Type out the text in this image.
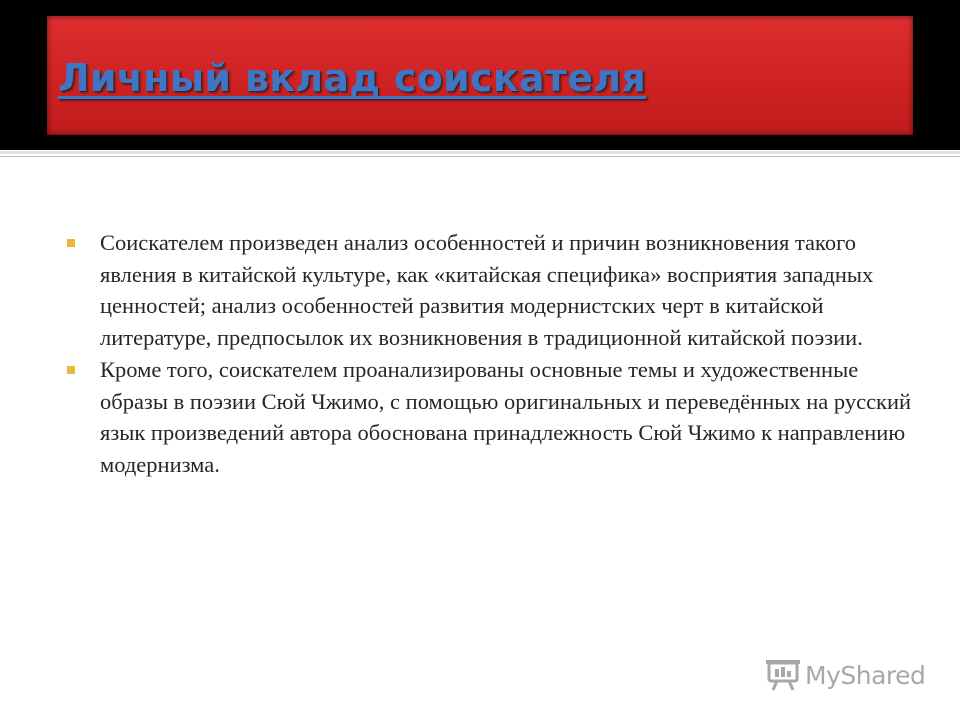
Личный вклад соискателя
Соискателем произведен анализ особенностей и причин возникновения такого явления в китайской культуре, как «китайская специфика» восприятия западных ценностей; анализ особенностей развития модернистских черт в китайской литературе, предпосылок их возникновения в традиционной китайской поэзии.
Кроме того, соискателем проанализированы основные темы и художественные образы в поэзии Сюй Чжимо, с помощью оригинальных и переведённых на русский язык произведений автора обоснована принадлежность Сюй Чжимо к направлению модернизма.
MyShared
